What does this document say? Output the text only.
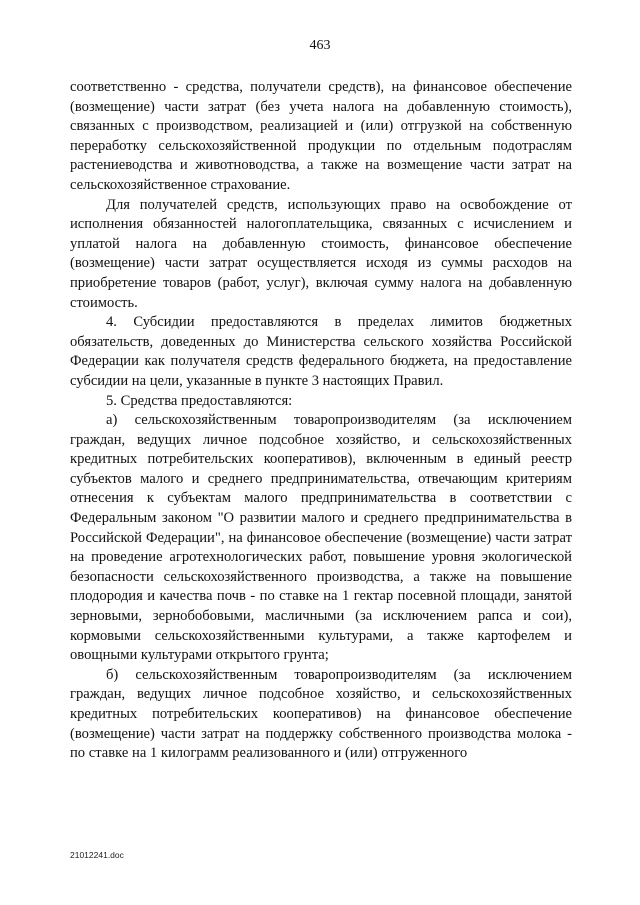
463

соответственно - средства, получатели средств), на финансовое обеспечение (возмещение) части затрат (без учета налога на добавленную стоимость), связанных с производством, реализацией и (или) отгрузкой на собственную переработку сельскохозяйственной продукции по отдельным подотраслям растениеводства и животноводства, а также на возмещение части затрат на сельскохозяйственное страхование.

Для получателей средств, использующих право на освобождение от исполнения обязанностей налогоплательщика, связанных с исчислением и уплатой налога на добавленную стоимость, финансовое обеспечение (возмещение) части затрат осуществляется исходя из суммы расходов на приобретение товаров (работ, услуг), включая сумму налога на добавленную стоимость.

4. Субсидии предоставляются в пределах лимитов бюджетных обязательств, доведенных до Министерства сельского хозяйства Российской Федерации как получателя средств федерального бюджета, на предоставление субсидии на цели, указанные в пункте 3 настоящих Правил.

5. Средства предоставляются:

а) сельскохозяйственным товаропроизводителям (за исключением граждан, ведущих личное подсобное хозяйство, и сельскохозяйственных кредитных потребительских кооперативов), включенным в единый реестр субъектов малого и среднего предпринимательства, отвечающим критериям отнесения к субъектам малого предпринимательства в соответствии с Федеральным законом "О развитии малого и среднего предпринимательства в Российской Федерации", на финансовое обеспечение (возмещение) части затрат на проведение агротехнологических работ, повышение уровня экологической безопасности сельскохозяйственного производства, а также на повышение плодородия и качества почв - по ставке на 1 гектар посевной площади, занятой зерновыми, зернобобовыми, масличными (за исключением рапса и сои), кормовыми сельскохозяйственными культурами, а также картофелем и овощными культурами открытого грунта;

б) сельскохозяйственным товаропроизводителям (за исключением граждан, ведущих личное подсобное хозяйство, и сельскохозяйственных кредитных потребительских кооперативов) на финансовое обеспечение (возмещение) части затрат на поддержку собственного производства молока - по ставке на 1 килограмм реализованного и (или) отгруженного

21012241.doc
